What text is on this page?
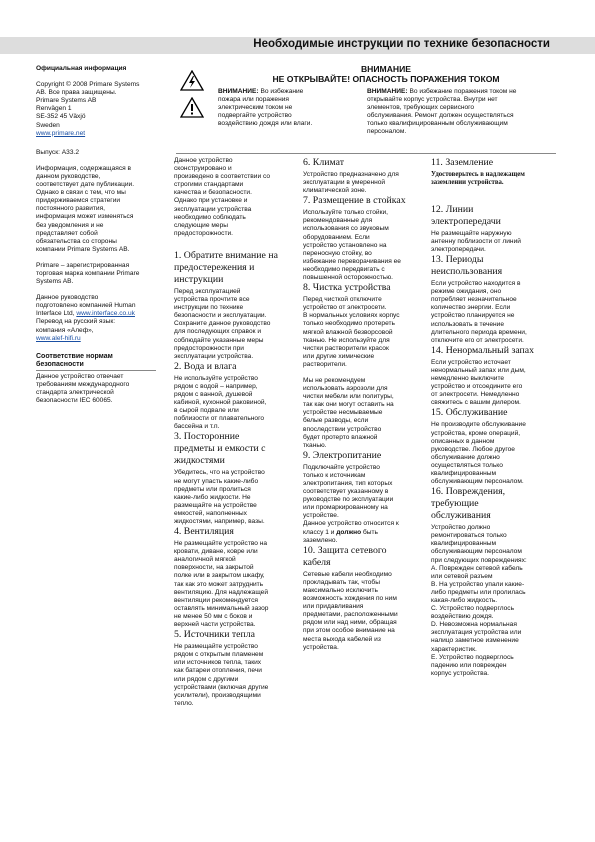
Необходимые инструкции по технике безопасности
Официальная информация
Copyright © 2008 Primare Systems
AB. Все права защищены.
Primare Systems AB
Renvägen 1
SE-352 45 Växjö
Sweden
www.primare.net
Выпуск: A33.2
Информация, содержащаяся в
данном руководстве,
соответствует дате публикации.
Однако в связи с тем, что мы
придерживаемся стратегии
постоянного развития,
информация может изменяться
без уведомления и не
представляет собой
обязательства со стороны
компании Primare Systems AB.
Primare – зарегистрированная
торговая марка компании Primare
Systems AB.
Данное руководство
подготовлено компанией Human
Interface Ltd, www.interface.co.uk
Перевод на русский язык:
компания «Алеф»,
www.alef-hifi.ru
Соответствие нормам
безопасности
Данное устройство отвечает
требованиям международного
стандарта электрической
безопасности IEC 60065.
ВНИМАНИЕ
НЕ ОТКРЫВАЙТЕ! ОПАСНОСТЬ ПОРАЖЕНИЯ ТОКОМ
ВНИМАНИЕ: Во избежание
пожара или поражения
электрическим током не
подвергайте устройство
воздействию дождя или влаги.
ВНИМАНИЕ: Во избежание поражения током не
открывайте корпус устройства. Внутри нет
элементов, требующих сервисного
обслуживания. Ремонт должен осуществляться
только квалифицированным обслуживающим
персоналом.
Данное устройство
сконструировано и
произведено в соответствии со
строгими стандартами
качества и безопасности.
Однако при установке и
эксплуатации устройства
необходимо соблюдать
следующие меры
предосторожности.
1. Обратите внимание на
предостережения и
инструкции
Перед эксплуатацией
устройства прочтите все
инструкции по технике
безопасности и эксплуатации.
Сохраните данное руководство
для последующих справок и
соблюдайте указанные меры
предосторожности при
эксплуатации устройства.
2. Вода и влага
Не используйте устройство
рядом с водой – например,
рядом с ванной, душевой
кабиной, кухонной раковиной,
в сырой подвале или
поблизости от плавательного
бассейна и т.п.
3. Посторонние
предметы и емкости с
жидкостями
Убедитесь, что на устройство
не могут упасть какие-либо
предметы или пролиться
какие-либо жидкости. Не
размещайте на устройстве
емкостей, наполненных
жидкостями, например, вазы.
4. Вентиляция
Не размещайте устройство на
кровати, диване, ковре или
аналогичной мягкой
поверхности, на закрытой
полке или в закрытом шкафу,
так как это может затруднить
вентиляцию. Для надлежащей
вентиляции рекомендуется
оставлять минимальный зазор
не менее 50 мм с боков и
верхней части устройства.
5. Источники тепла
Не размещайте устройство
рядом с открытым пламенем
или источников тепла, таких
как батареи отопления, печи
или рядом с другими
устройствами (включая другие
усилители), производящими
тепло.
6. Климат
Устройство предназначено для
эксплуатации в умеренной
климатической зоне.
7. Размещение в стойках
Используйте только стойки,
рекомендованные для
использования со звуковым
оборудованием. Если
устройство установлено на
переносную стойку, во
избежание переворачивания ее
необходимо передвигать с
повышенной осторожностью.
8. Чистка устройства
Перед чисткой отключите
устройство от электросети.
В нормальных условиях корпус
только необходимо протереть
мягкой влажной безворсовой
тканью. Не используйте для
чистки растворители красок
или другие химические
растворители.
Мы не рекомендуем
использовать аэрозоли для
чистки мебели или политуры,
так как они могут оставить на
устройстве несмываемые
белые разводы, если
впоследствии устройство
будет протерто влажной
тканью.
9. Электропитание
Подключайте устройство
только к источникам
электропитания, тип которых
соответствует указанному в
руководстве по эксплуатации
или промаркированному на
устройстве.
Данное устройство относится к
классу 1 и должно быть
заземлено.
10. Защита сетевого
кабеля
Сетевые кабели необходимо
прокладывать так, чтобы
максимально исключить
возможность хождения по ним
или придавливания
предметами, расположенными
рядом или над ними, обращая
при этом особое внимание на
места выхода кабелей из
устройства.
11. Заземление
Удостоверьтесь в надлежащем
заземлении устройства.
12. Линии
электропередачи
Не размещайте наружную
антенну поблизости от линий
электропередачи.
13. Периоды
неиспользования
Если устройство находится в
режиме ожидания, оно
потребляет незначительное
количество энергии. Если
устройство планируется не
использовать в течение
длительного периода времени,
отключите его от электросети.
14. Ненормальный запах
Если устройство источает
ненормальный запах или дым,
немедленно выключите
устройство и отсоедините его
от электросети. Немедленно
свяжитесь с вашим дилером.
15. Обслуживание
Не производите обслуживание
устройства, кроме операций,
описанных в данном
руководстве. Любое другое
обслуживание должно
осуществляться только
квалифицированным
обслуживающим персоналом.
16. Повреждения,
требующие
обслуживания
Устройство должно
ремонтироваться только
квалифицированным
обслуживающим персоналом
при следующих повреждениях:
А. Поврежден сетевой кабель
или сетевой разъем
В. На устройство упали какие-
либо предметы или пролилась
какая-либо жидкость.
С. Устройство подверглось
воздействию дождя.
D. Невозможна нормальная
эксплуатация устройства или
налицо заметное изменение
характеристик.
Е. Устройство подверглось
падению или поврежден
корпус устройства.
